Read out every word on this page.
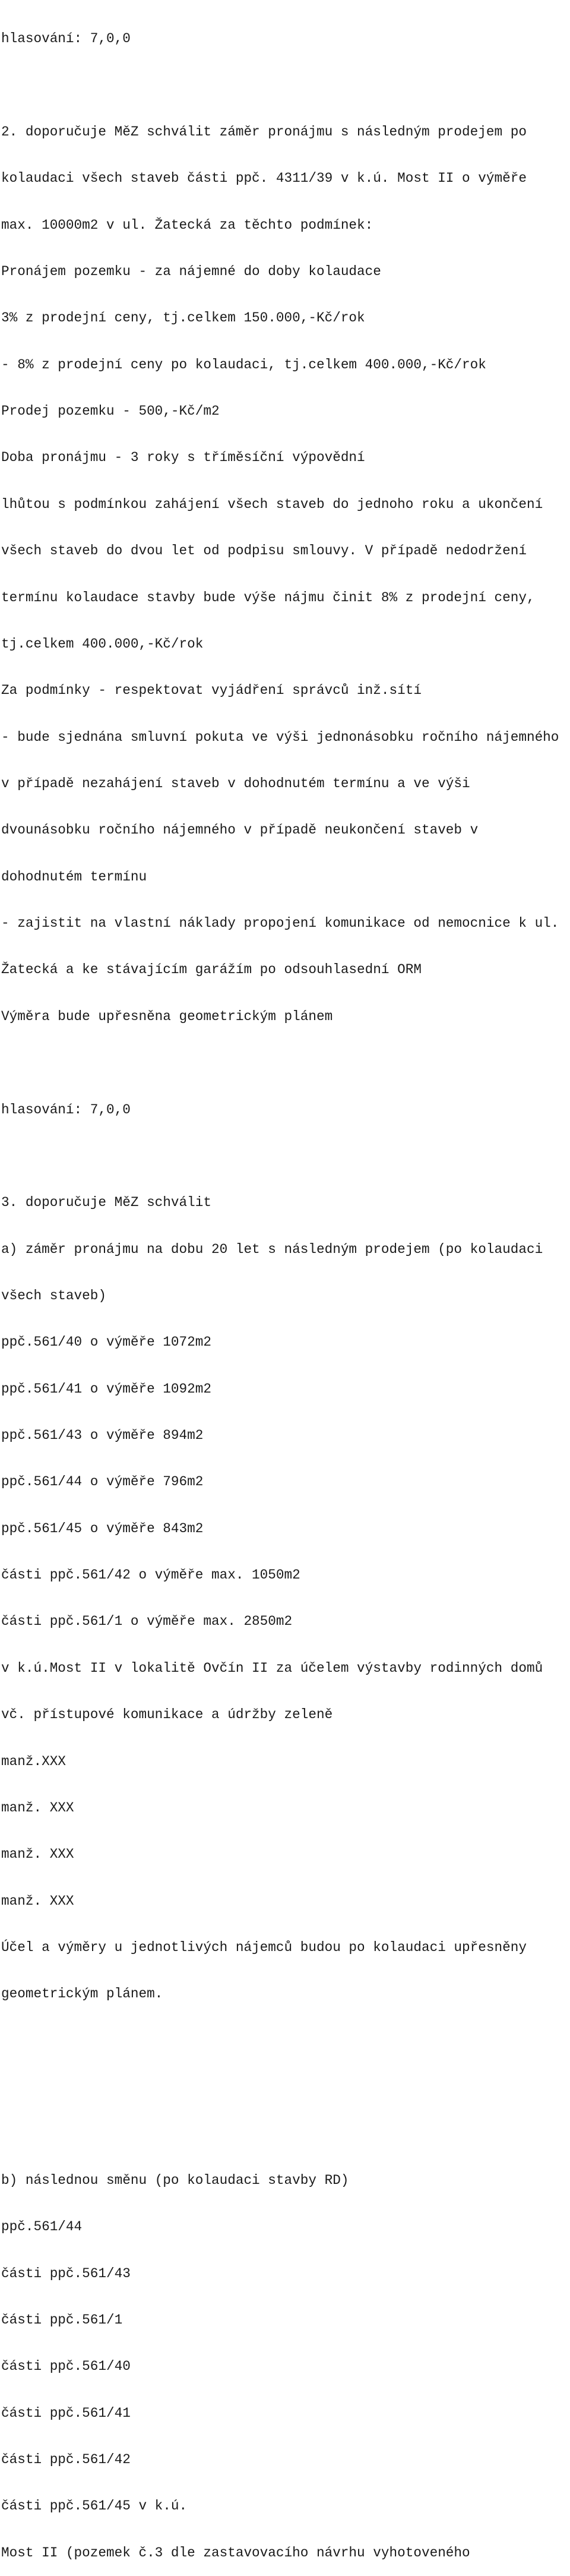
hlasování: 7,0,0

2. doporučuje MěZ schválit záměr pronájmu s následným prodejem po

kolaudaci všech staveb části ppč. 4311/39 v k.ú. Most II o výměře

max. 10000m2 v ul. Žatecká za těchto podmínek:

Pronájem pozemku - za nájemné do doby kolaudace

3% z prodejní ceny, tj.celkem 150.000,-Kč/rok

- 8% z prodejní ceny po kolaudaci, tj.celkem 400.000,-Kč/rok

Prodej pozemku - 500,-Kč/m2

Doba pronájmu - 3 roky s tříměsíční výpovědní

lhůtou s podmínkou zahájení všech staveb do jednoho roku a ukončení

všech staveb do dvou let od podpisu smlouvy. V případě nedodržení

termínu kolaudace stavby bude výše nájmu činit 8% z prodejní ceny,

tj.celkem 400.000,-Kč/rok

Za podmínky - respektovat vyjádření správců inž.sítí

- bude sjednána smluvní pokuta ve výši jednonásobku ročního nájemného

v případě nezahájení staveb v dohodnutém termínu a ve výši

dvounásobku ročního nájemného v případě neukončení staveb v

dohodnutém termínu

- zajistit na vlastní náklady propojení komunikace od nemocnice k ul.

Žatecká a ke stávajícím garážím po odsouhlasední ORM

Výměra bude upřesněna geometrickým plánem

hlasování: 7,0,0

3. doporučuje MěZ schválit

a) záměr pronájmu na dobu 20 let s následným prodejem (po kolaudaci

všech staveb)

ppč.561/40 o výměře 1072m2

ppč.561/41 o výměře 1092m2

ppč.561/43 o výměře 894m2

ppč.561/44 o výměře 796m2

ppč.561/45 o výměře 843m2

části ppč.561/42 o výměře max. 1050m2

části ppč.561/1 o výměře max. 2850m2

v k.ú.Most II v lokalitě Ovčín II za účelem výstavby rodinných domů

vč. přístupové komunikace a údržby zeleně

manž.XXX

manž. XXX

manž. XXX

manž. XXX

Účel a výměry u jednotlivých nájemců budou po kolaudaci upřesněny

geometrickým plánem.

b) následnou směnu (po kolaudaci stavby RD)

ppč.561/44

části ppč.561/43

části ppč.561/1

části ppč.561/40

části ppč.561/41

části ppč.561/42

části ppč.561/45 v k.ú.

Most II (pozemek č.3 dle zastavovacího návrhu vyhotoveného
